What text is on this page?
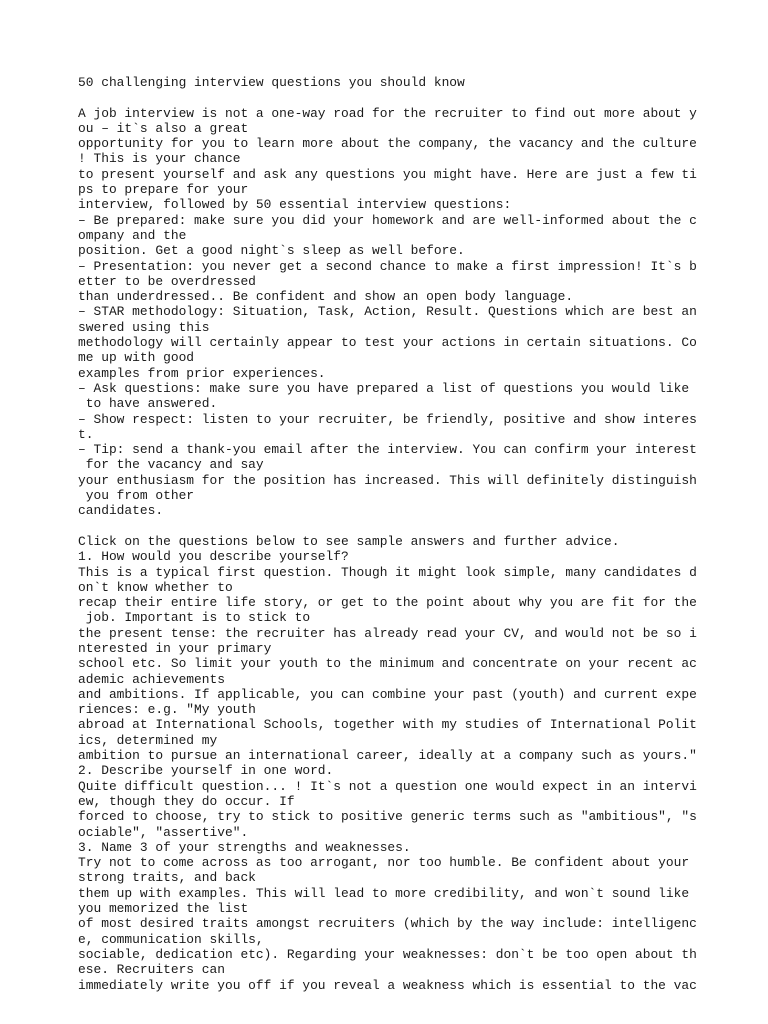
50 challenging interview questions you should know
A job interview is not a one-way road for the recruiter to find out more about y
ou – it`s also a great
opportunity for you to learn more about the company, the vacancy and the culture
! This is your chance
to present yourself and ask any questions you might have. Here are just a few ti
ps to prepare for your
interview, followed by 50 essential interview questions:
– Be prepared: make sure you did your homework and are well-informed about the c
ompany and the
position. Get a good night`s sleep as well before.
– Presentation: you never get a second chance to make a first impression! It`s b
etter to be overdressed
than underdressed.. Be confident and show an open body language.
– STAR methodology: Situation, Task, Action, Result. Questions which are best an
swered using this
methodology will certainly appear to test your actions in certain situations. Co
me up with good
examples from prior experiences.
– Ask questions: make sure you have prepared a list of questions you would like
to have answered.
– Show respect: listen to your recruiter, be friendly, positive and show interes
t.
– Tip: send a thank-you email after the interview. You can confirm your interest
for the vacancy and say
your enthusiasm for the position has increased. This will definitely distinguish
you from other
candidates.
Click on the questions below to see sample answers and further advice.
1. How would you describe yourself?
This is a typical first question. Though it might look simple, many candidates d
on`t know whether to
recap their entire life story, or get to the point about why you are fit for the
job. Important is to stick to
the present tense: the recruiter has already read your CV, and would not be so i
nterested in your primary
school etc. So limit your youth to the minimum and concentrate on your recent ac
ademic achievements
and ambitions. If applicable, you can combine your past (youth) and current expe
riences: e.g. "My youth
abroad at International Schools, together with my studies of International Polit
ics, determined my
ambition to pursue an international career, ideally at a company such as yours."
2. Describe yourself in one word.
Quite difficult question... ! It`s not a question one would expect in an intervi
ew, though they do occur. If
forced to choose, try to stick to positive generic terms such as "ambitious", "s
ociable", "assertive".
3. Name 3 of your strengths and weaknesses.
Try not to come across as too arrogant, nor too humble. Be confident about your
strong traits, and back
them up with examples. This will lead to more credibility, and won`t sound like
you memorized the list
of most desired traits amongst recruiters (which by the way include: intelligenc
e, communication skills,
sociable, dedication etc). Regarding your weaknesses: don`t be too open about th
ese. Recruiters can
immediately write you off if you reveal a weakness which is essential to the vac
